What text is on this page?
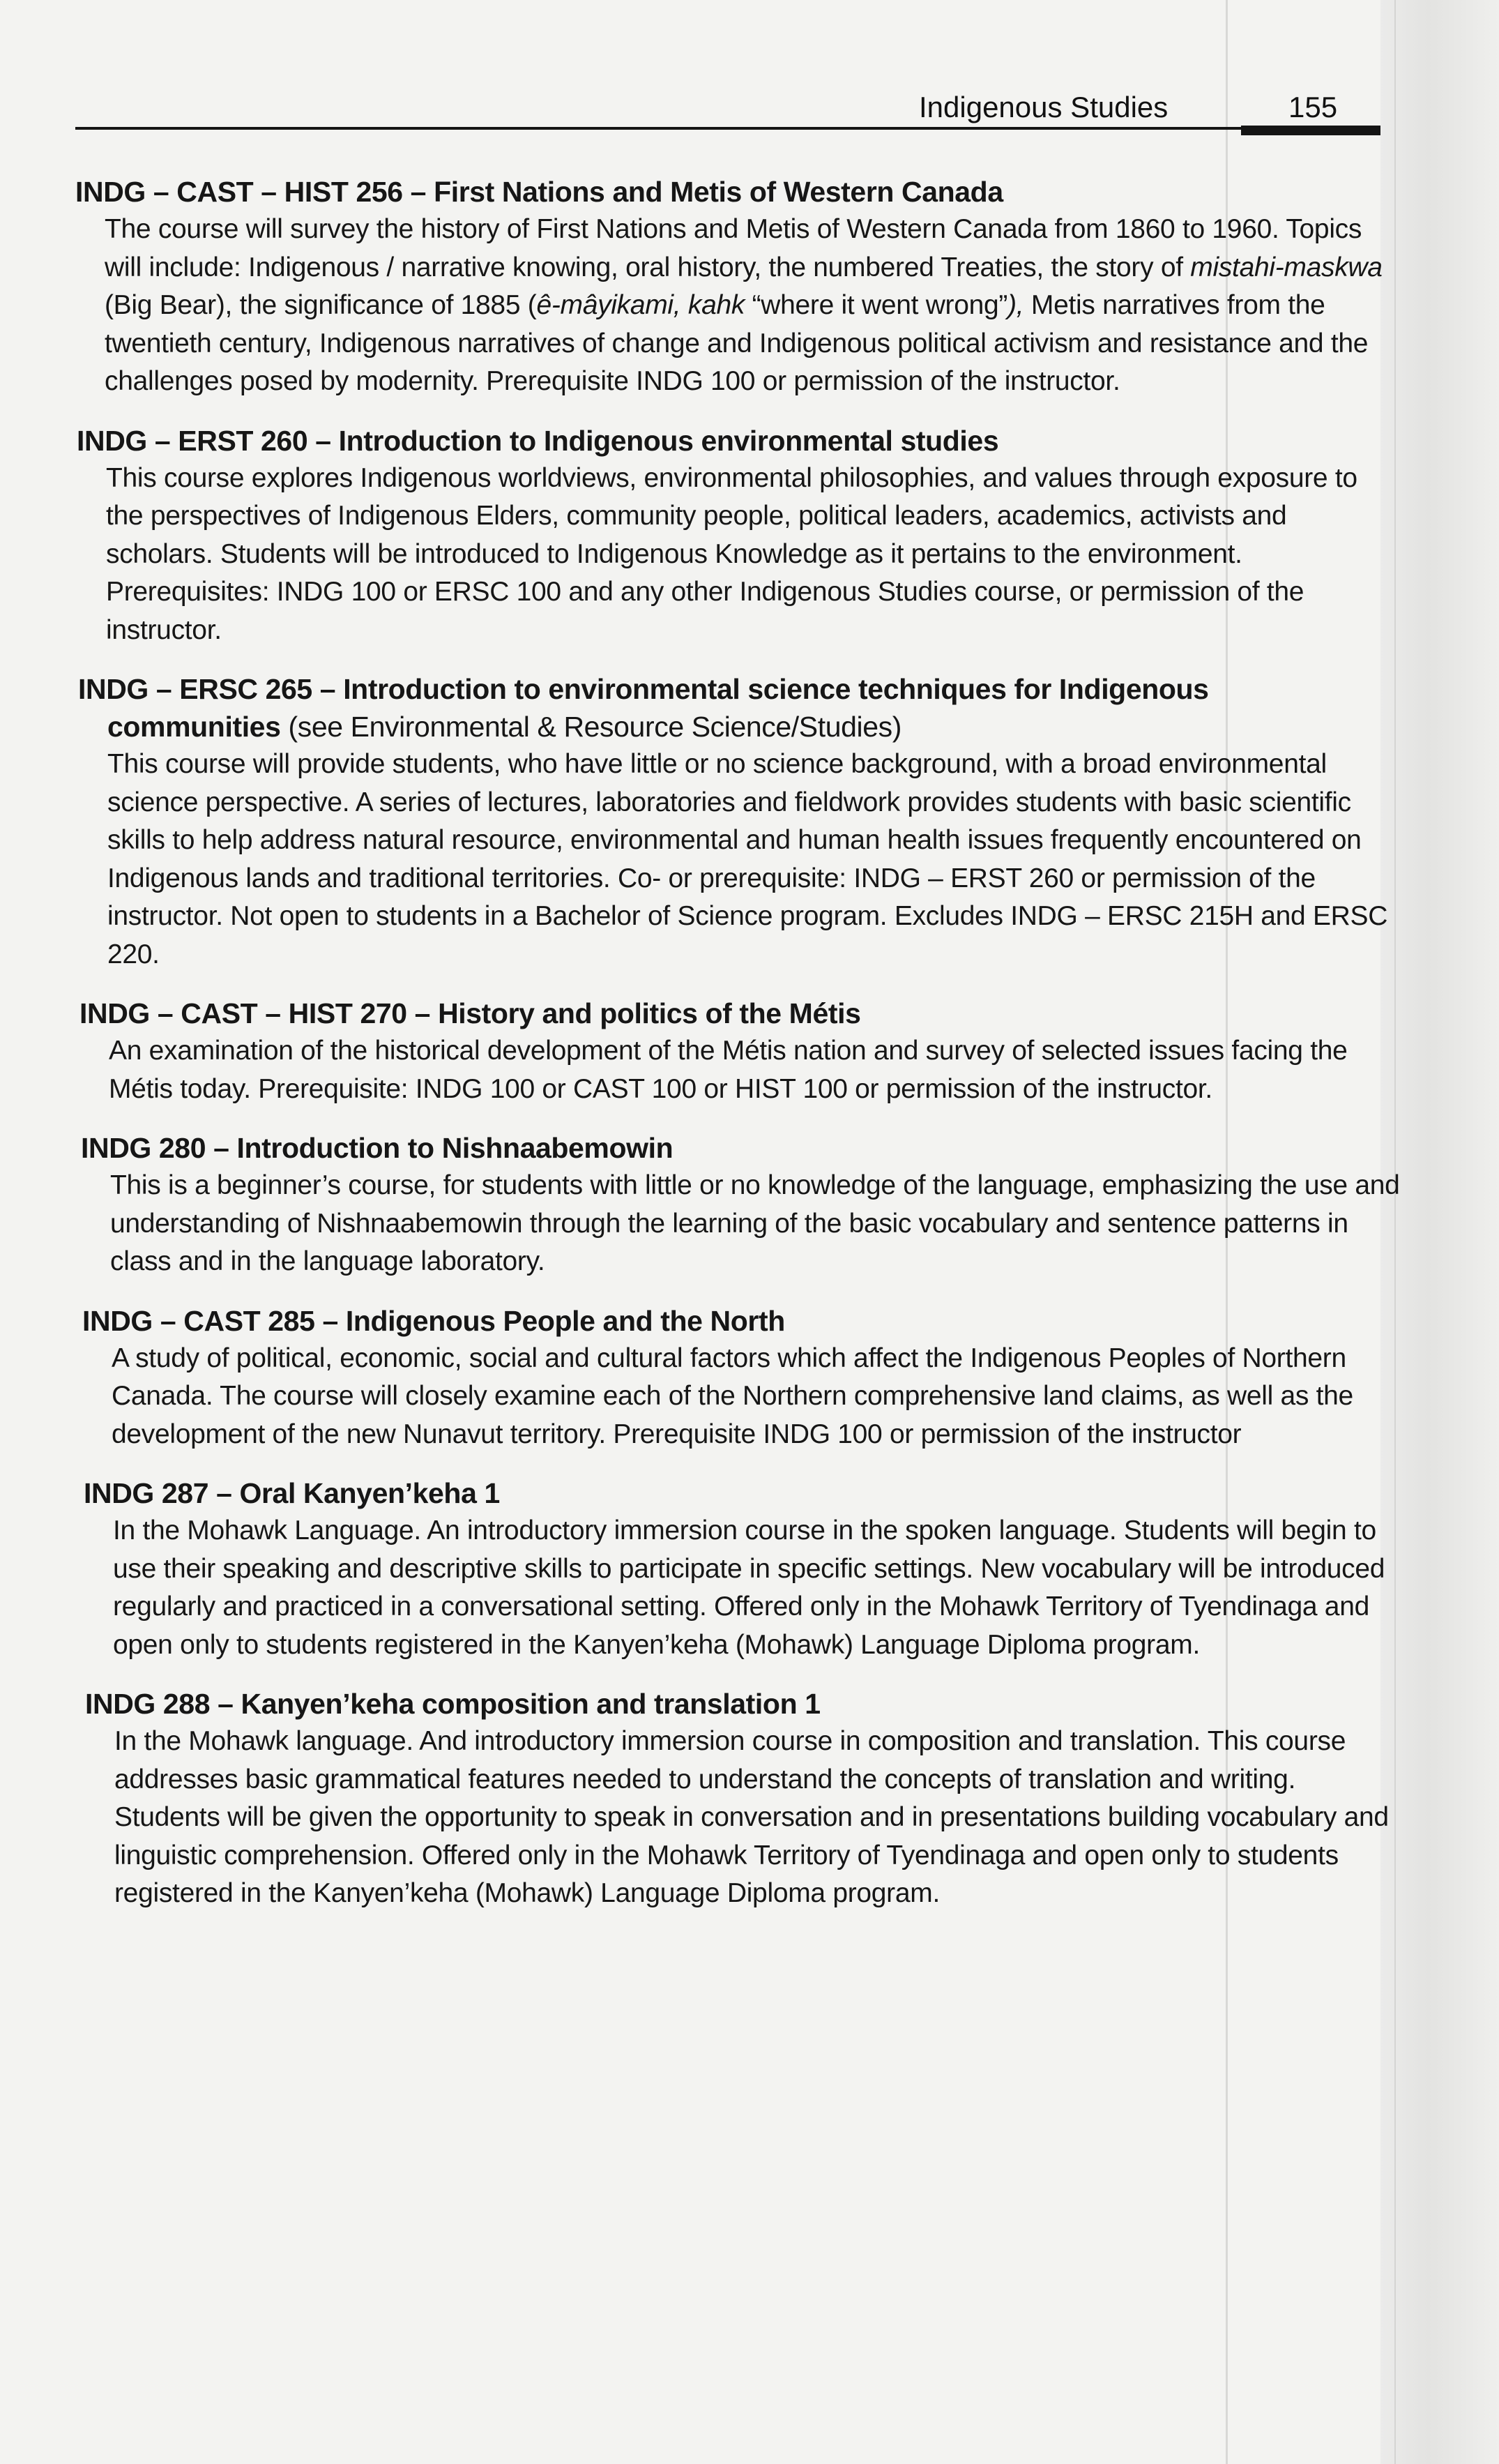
Indigenous Studies	155
INDG – CAST – HIST 256 – First Nations and Metis of Western Canada
The course will survey the history of First Nations and Metis of Western Canada from 1860 to 1960. Topics will include: Indigenous / narrative knowing, oral history, the numbered Treaties, the story of mistahi-maskwa (Big Bear), the significance of 1885 (ê-mâyikami, kahk “where it went wrong”), Metis narratives from the twentieth century, Indigenous narratives of change and Indigenous political activism and resistance and the challenges posed by modernity. Prerequisite INDG 100 or permission of the instructor.
INDG – ERST 260 – Introduction to Indigenous environmental studies
This course explores Indigenous worldviews, environmental philosophies, and values through exposure to the perspectives of Indigenous Elders, community people, political leaders, academics, activists and scholars. Students will be introduced to Indigenous Knowledge as it pertains to the environment. Prerequisites: INDG 100 or ERSC 100 and any other Indigenous Studies course, or permission of the instructor.
INDG – ERSC 265 – Introduction to environmental science techniques for Indigenous communities (see Environmental & Resource Science/Studies)
This course will provide students, who have little or no science background, with a broad environmental science perspective. A series of lectures, laboratories and fieldwork provides students with basic scientific skills to help address natural resource, environmental and human health issues frequently encountered on Indigenous lands and traditional territories. Co- or prerequisite: INDG – ERST 260 or permission of the instructor. Not open to students in a Bachelor of Science program. Excludes INDG – ERSC 215H and ERSC 220.
INDG – CAST – HIST 270 – History and politics of the Métis
An examination of the historical development of the Métis nation and survey of selected issues facing the Métis today. Prerequisite: INDG 100 or CAST 100 or HIST 100 or permission of the instructor.
INDG 280 – Introduction to Nishnaabemowin
This is a beginner’s course, for students with little or no knowledge of the language, emphasizing the use and understanding of Nishnaabemowin through the learning of the basic vocabulary and sentence patterns in class and in the language laboratory.
INDG – CAST 285 – Indigenous People and the North
A study of political, economic, social and cultural factors which affect the Indigenous Peoples of Northern Canada. The course will closely examine each of the Northern comprehensive land claims, as well as the development of the new Nunavut territory. Prerequisite INDG 100 or permission of the instructor
INDG 287 – Oral Kanyen’keha 1
In the Mohawk Language. An introductory immersion course in the spoken language. Students will begin to use their speaking and descriptive skills to participate in specific settings. New vocabulary will be introduced regularly and practiced in a conversational setting. Offered only in the Mohawk Territory of Tyendinaga and open only to students registered in the Kanyen’keha (Mohawk) Language Diploma program.
INDG 288 – Kanyen’keha composition and translation 1
In the Mohawk language. And introductory immersion course in composition and translation. This course addresses basic grammatical features needed to understand the concepts of translation and writing. Students will be given the opportunity to speak in conversation and in presentations building vocabulary and linguistic comprehension. Offered only in the Mohawk Territory of Tyendinaga and open only to students registered in the Kanyen’keha (Mohawk) Language Diploma program.
